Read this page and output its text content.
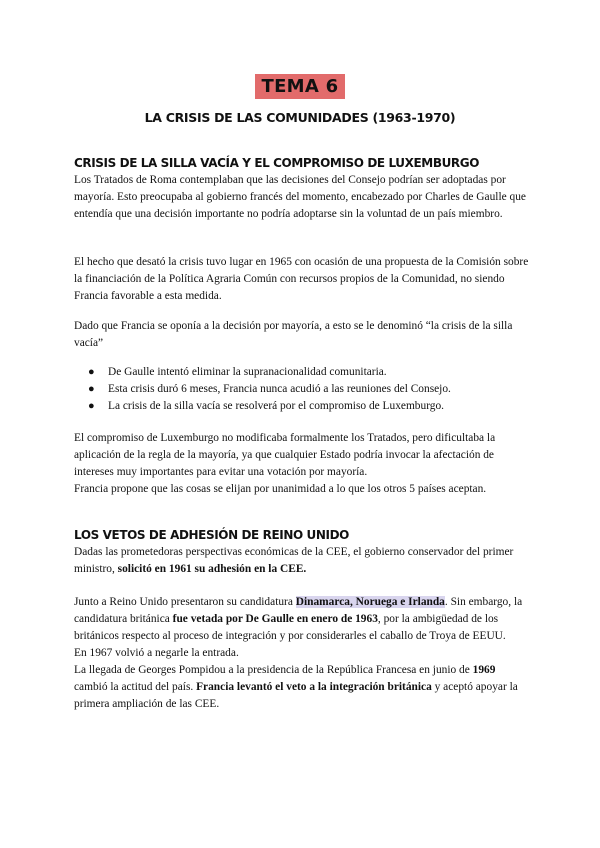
TEMA 6
LA CRISIS DE LAS COMUNIDADES (1963-1970)
CRISIS DE LA SILLA VACÍA Y EL COMPROMISO DE LUXEMBURGO

Los Tratados de Roma contemplaban que las decisiones del Consejo podrían ser adoptadas por mayoría. Esto preocupaba al gobierno francés del momento, encabezado por Charles de Gaulle que entendía que una decisión importante no podría adoptarse sin la voluntad de un país miembro.

El hecho que desató la crisis tuvo lugar en 1965 con ocasión de una propuesta de la Comisión sobre la financiación de la Política Agraria Común con recursos propios de la Comunidad, no siendo Francia favorable a esta medida.

Dado que Francia se oponía a la decisión por mayoría, a esto se le denominó “la crisis de la silla vacía”

● De Gaulle intentó eliminar la supranacionalidad comunitaria.
● Esta crisis duró 6 meses, Francia nunca acudió a las reuniones del Consejo.
● La crisis de la silla vacía se resolverá por el compromiso de Luxemburgo.

El compromiso de Luxemburgo no modificaba formalmente los Tratados, pero dificultaba la aplicación de la regla de la mayoría, ya que cualquier Estado podría invocar la afectación de intereses muy importantes para evitar una votación por mayoría.

Francia propone que las cosas se elijan por unanimidad a lo que los otros 5 países aceptan.

LOS VETOS DE ADHESIÓN DE REINO UNIDO

Dadas las prometedoras perspectivas económicas de la CEE, el gobierno conservador del primer ministro, solicitó en 1961 su adhesión en la CEE.

Junto a Reino Unido presentaron su candidatura Dinamarca, Noruega e Irlanda. Sin embargo, la candidatura británica fue vetada por De Gaulle en enero de 1963, por la ambigüedad de los británicos respecto al proceso de integración y por considerarles el caballo de Troya de EEUU.

En 1967 volvió a negarle la entrada.

La llegada de Georges Pompidou a la presidencia de la República Francesa en junio de 1969 cambió la actitud del país. Francia levantó el veto a la integración británica y aceptó apoyar la primera ampliación de las CEE.
